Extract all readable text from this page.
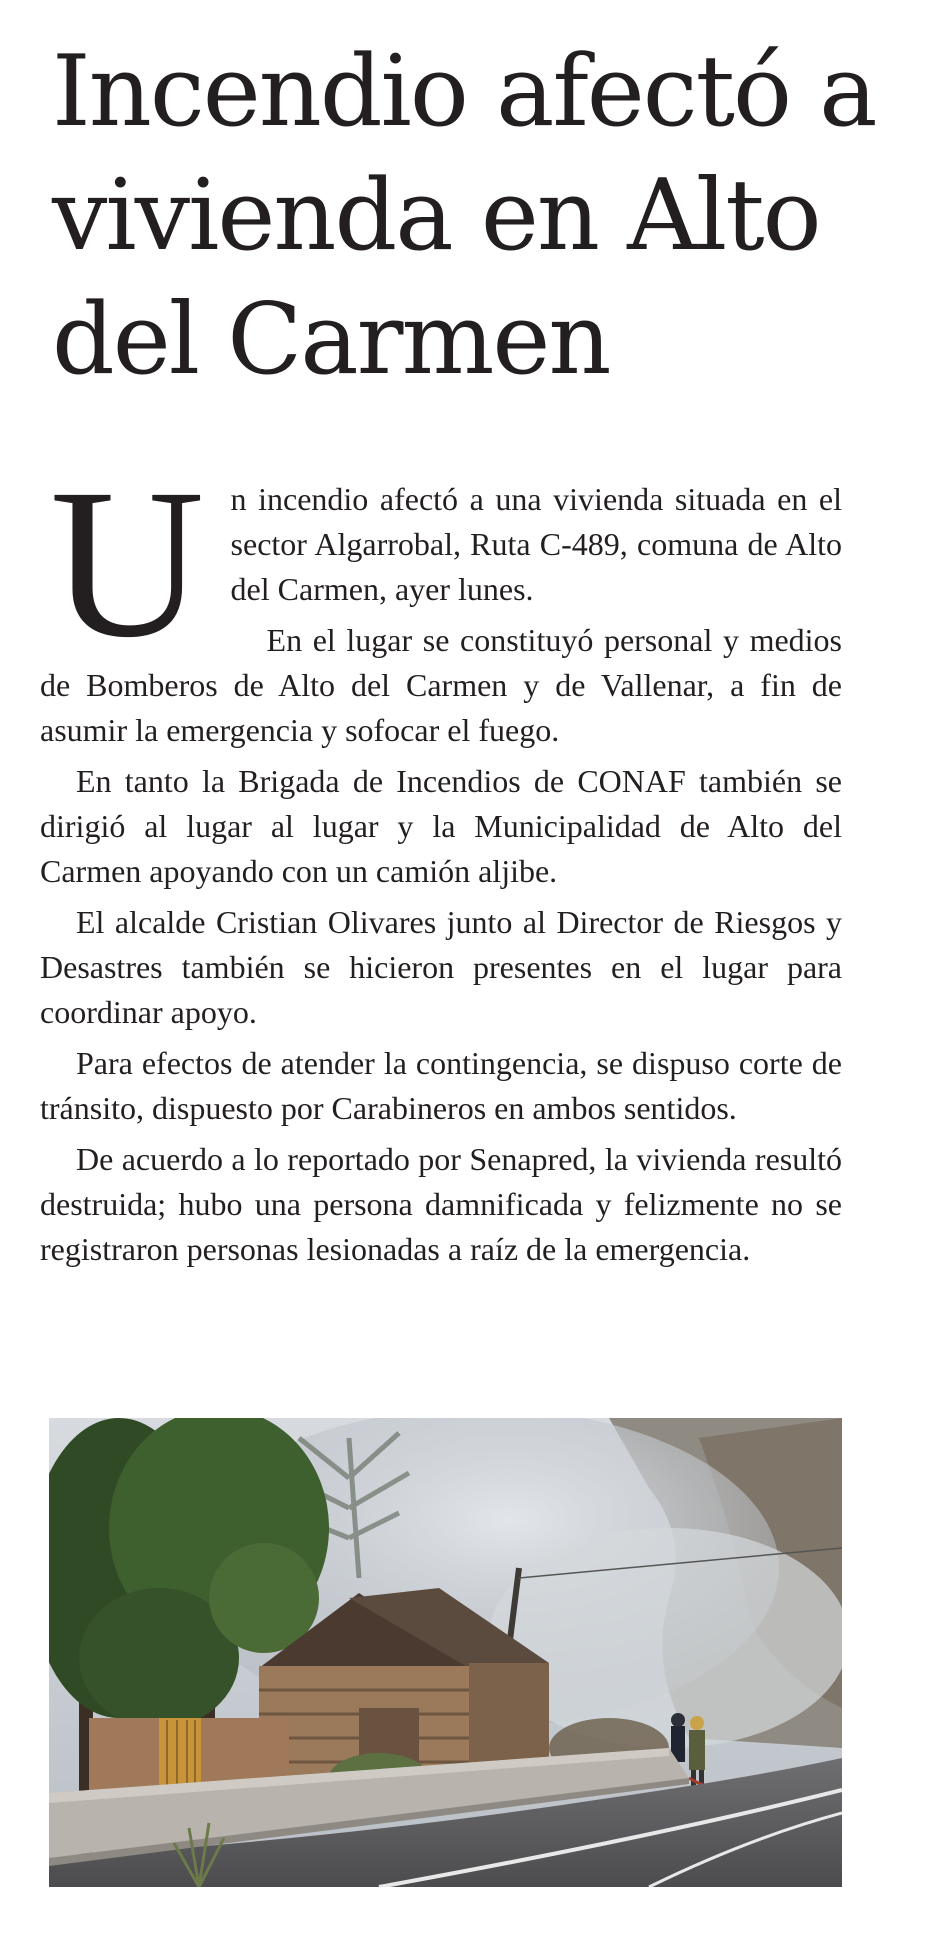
Incendio afectó a vivienda en Alto del Carmen

Un incendio afectó a una vivienda situada en el sector Algarrobal, Ruta C-489, comuna de Alto del Carmen, ayer lunes.

En el lugar se constituyó personal y medios de Bomberos de Alto del Carmen y de Vallenar, a fin de asumir la emergencia y sofocar el fuego.

En tanto la Brigada de Incendios de CONAF también se dirigió al lugar al lugar y la Municipalidad de Alto del Carmen apoyando con un camión aljibe.

El alcalde Cristian Olivares junto al Director de Riesgos y Desastres también se hicieron presentes en el lugar para coordinar apoyo.

Para efectos de atender la contingencia, se dispuso corte de tránsito, dispuesto por Carabineros en ambos sentidos.

De acuerdo a lo reportado por Senapred, la vivienda resultó destruida; hubo una persona damnificada y felizmente no se registraron personas lesionadas a raíz de la emergencia.
